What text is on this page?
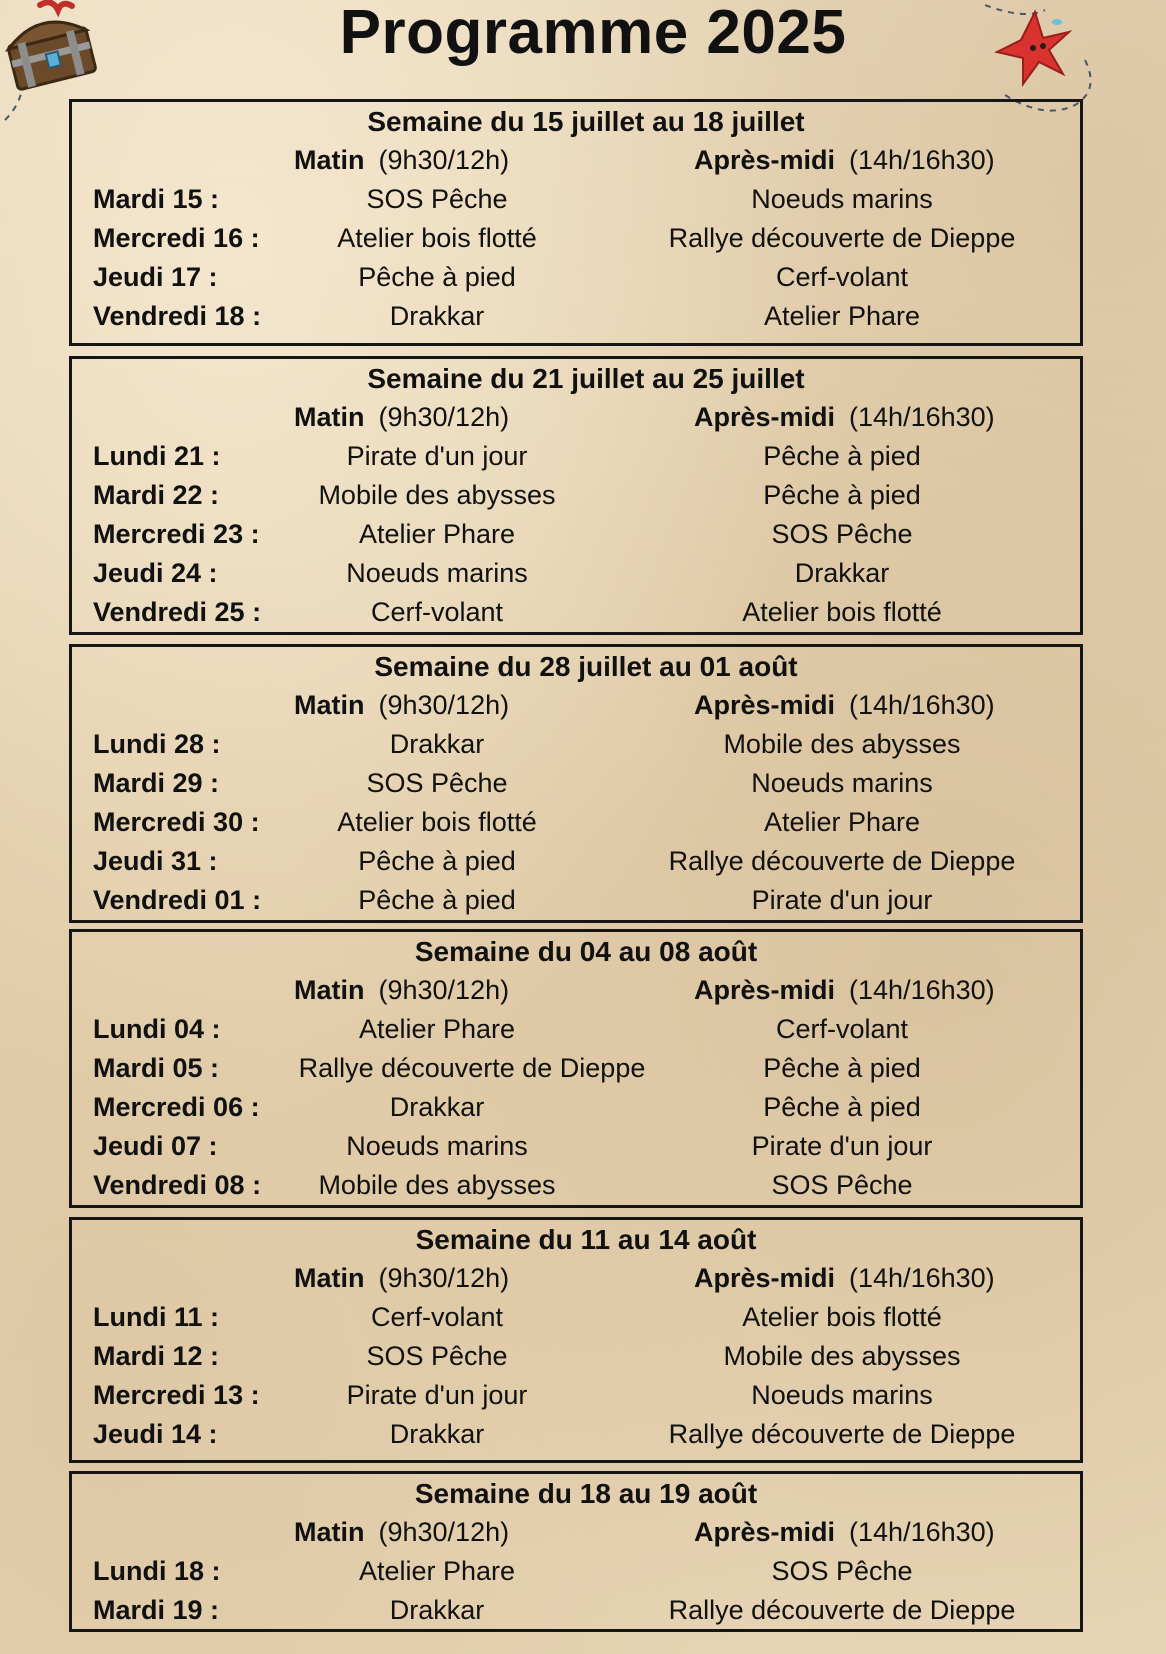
Programme 2025
Semaine du 15 juillet au 18 juillet
Matin (9h30/12h)	Après-midi (14h/16h30)
Mardi 15 :	SOS Pêche	Noeuds marins
Mercredi 16 :	Atelier bois flotté	Rallye découverte de Dieppe
Jeudi 17 :	Pêche à pied	Cerf-volant
Vendredi 18 :	Drakkar	Atelier Phare
Semaine du 21 juillet au 25 juillet
Matin (9h30/12h)	Après-midi (14h/16h30)
Lundi 21 :	Pirate d'un jour	Pêche à pied
Mardi 22 :	Mobile des abysses	Pêche à pied
Mercredi 23 :	Atelier Phare	SOS Pêche
Jeudi 24 :	Noeuds marins	Drakkar
Vendredi 25 :	Cerf-volant	Atelier bois flotté
Semaine du 28 juillet au 01 août
Matin (9h30/12h)	Après-midi (14h/16h30)
Lundi 28 :	Drakkar	Mobile des abysses
Mardi 29 :	SOS Pêche	Noeuds marins
Mercredi 30 :	Atelier bois flotté	Atelier Phare
Jeudi 31 :	Pêche à pied	Rallye découverte de Dieppe
Vendredi 01 :	Pêche à pied	Pirate d'un jour
Semaine du 04 au 08 août
Matin (9h30/12h)	Après-midi (14h/16h30)
Lundi 04 :	Atelier Phare	Cerf-volant
Mardi 05 :	Rallye découverte de Dieppe	Pêche à pied
Mercredi 06 :	Drakkar	Pêche à pied
Jeudi 07 :	Noeuds marins	Pirate d'un jour
Vendredi 08 :	Mobile des abysses	SOS Pêche
Semaine du 11 au 14 août
Matin (9h30/12h)	Après-midi (14h/16h30)
Lundi 11 :	Cerf-volant	Atelier bois flotté
Mardi 12 :	SOS Pêche	Mobile des abysses
Mercredi 13 :	Pirate d'un jour	Noeuds marins
Jeudi 14 :	Drakkar	Rallye découverte de Dieppe
Semaine du 18 au 19 août
Matin (9h30/12h)	Après-midi (14h/16h30)
Lundi 18 :	Atelier Phare	SOS Pêche
Mardi 19 :	Drakkar	Rallye découverte de Dieppe
